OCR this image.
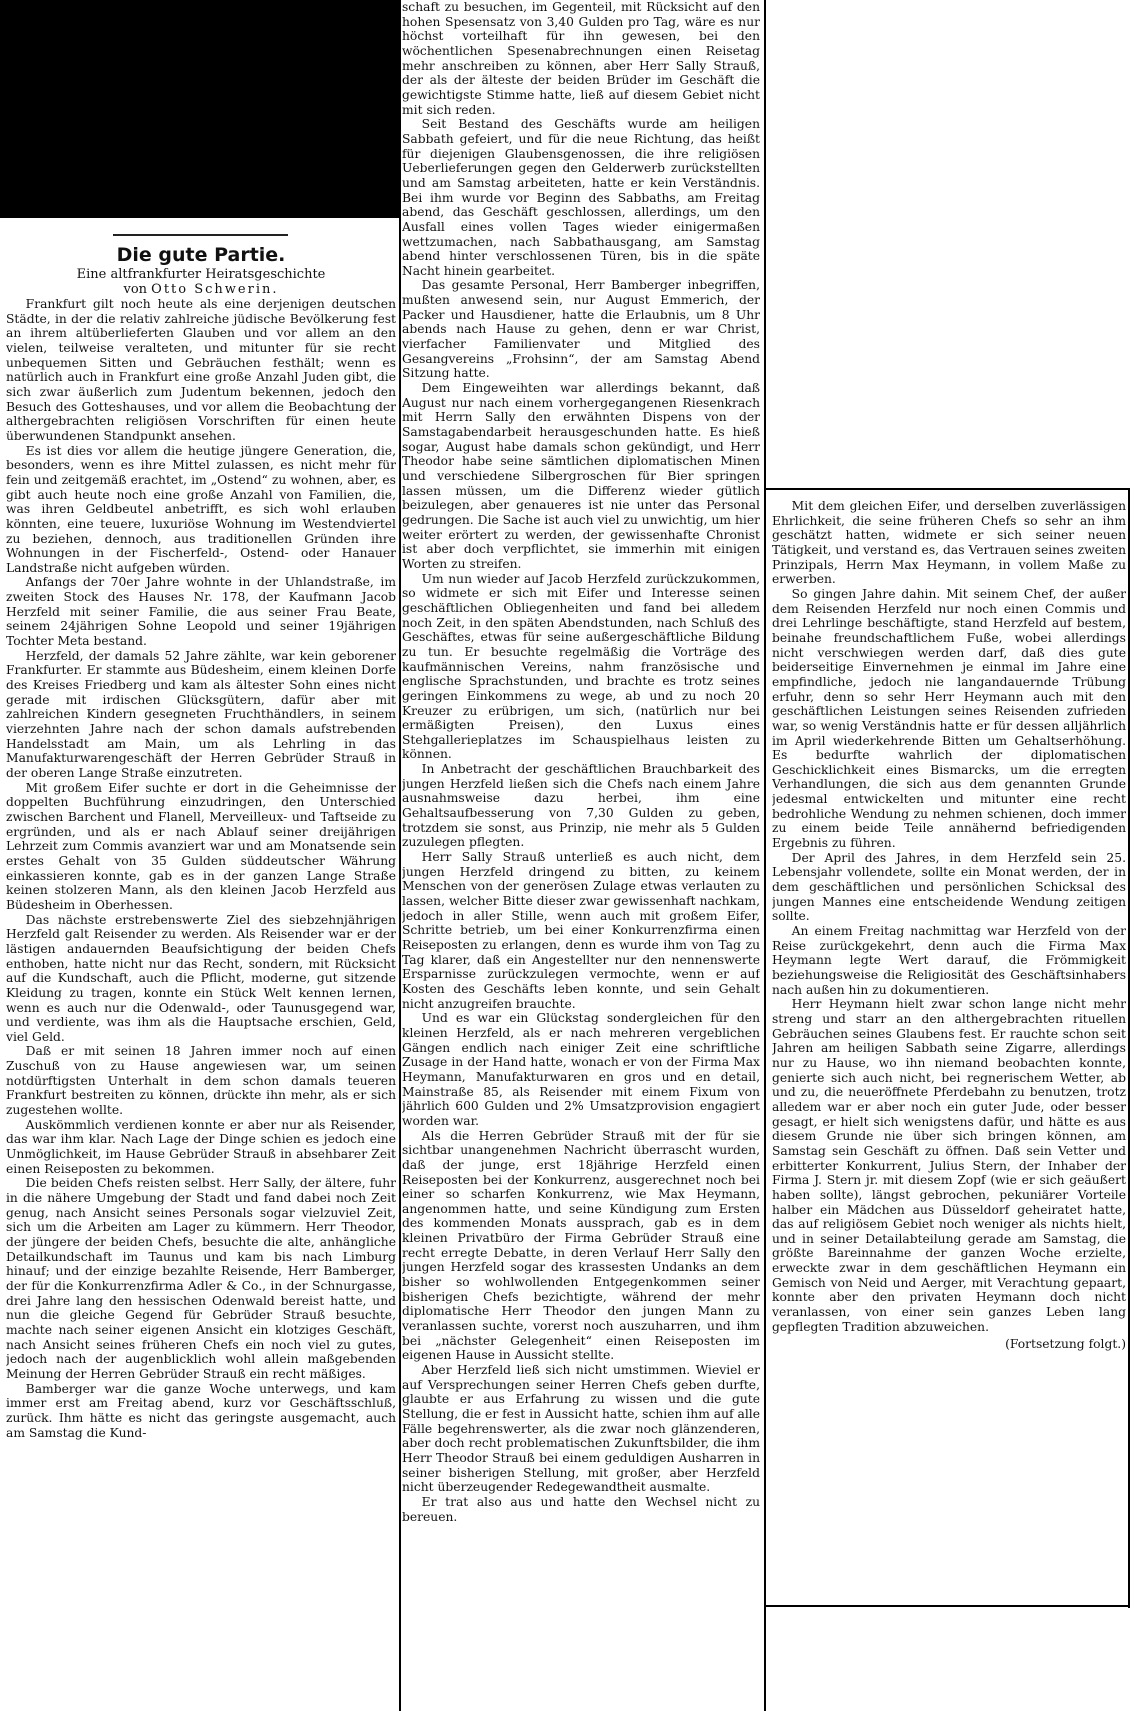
Die gute Partie.

Eine altfrankfurter Heiratsgeschichte

von Otto Schwerin.

Frankfurt gilt noch heute als eine derjenigen deutschen Städte, in der die relativ zahlreiche jüdische Bevölkerung fest an ihrem altüberlieferten Glauben und vor allem an den vielen, teilweise veralteten, und mitunter für sie recht unbequemen Sitten und Gebräuchen festhält; wenn es natürlich auch in Frankfurt eine große Anzahl Juden gibt, die sich zwar äußerlich zum Judentum bekennen, jedoch den Besuch des Gotteshauses, und vor allem die Beobachtung der althergebrachten religiösen Vorschriften für einen heute überwundenen Standpunkt ansehen.

Es ist dies vor allem die heutige jüngere Generation, die, besonders, wenn es ihre Mittel zulassen, es nicht mehr für fein und zeitgemäß erachtet, im „Ostend“ zu wohnen, aber, es gibt auch heute noch eine große Anzahl von Familien, die, was ihren Geldbeutel anbetrifft, es sich wohl erlauben könnten, eine teuere, luxuriöse Wohnung im Westendviertel zu beziehen, dennoch, aus traditionellen Gründen ihre Wohnungen in der Fischerfeld-, Ostend- oder Hanauer Landstraße nicht aufgeben würden.

Anfangs der 70er Jahre wohnte in der Uhlandstraße, im zweiten Stock des Hauses Nr. 178, der Kaufmann Jacob Herzfeld mit seiner Familie, die aus seiner Frau Beate, seinem 24jährigen Sohne Leopold und seiner 19jährigen Tochter Meta bestand.

Herzfeld, der damals 52 Jahre zählte, war kein geborener Frankfurter. Er stammte aus Büdesheim, einem kleinen Dorfe des Kreises Friedberg und kam als ältester Sohn eines nicht gerade mit irdischen Glücksgütern, dafür aber mit zahlreichen Kindern gesegneten Fruchthändlers, in seinem vierzehnten Jahre nach der schon damals aufstrebenden Handelsstadt am Main, um als Lehrling in das Manufakturwarengeschäft der Herren Gebrüder Strauß in der oberen Lange Straße einzutreten.

Mit großem Eifer suchte er dort in die Geheimnisse der doppelten Buchführung einzudringen, den Unterschied zwischen Barchent und Flanell, Merveilleux- und Taftseide zu ergründen, und als er nach Ablauf seiner dreijährigen Lehrzeit zum Commis avanziert war und am Monatsende sein erstes Gehalt von 35 Gulden süddeutscher Währung einkassieren konnte, gab es in der ganzen Lange Straße keinen stolzeren Mann, als den kleinen Jacob Herzfeld aus Büdesheim in Oberhessen.

Das nächste erstrebenswerte Ziel des siebzehnjährigen Herzfeld galt Reisender zu werden. Als Reisender war er der lästigen andauernden Beaufsichtigung der beiden Chefs enthoben, hatte nicht nur das Recht, sondern, mit Rücksicht auf die Kundschaft, auch die Pflicht, moderne, gut sitzende Kleidung zu tragen, konnte ein Stück Welt kennen lernen, wenn es auch nur die Odenwald-, oder Taunusgegend war, und verdiente, was ihm als die Hauptsache erschien, Geld, viel Geld.

Daß er mit seinen 18 Jahren immer noch auf einen Zuschuß von zu Hause angewiesen war, um seinen notdürftigsten Unterhalt in dem schon damals teueren Frankfurt bestreiten zu können, drückte ihn mehr, als er sich zugestehen wollte.

Auskömmlich verdienen konnte er aber nur als Reisender, das war ihm klar. Nach Lage der Dinge schien es jedoch eine Unmöglichkeit, im Hause Gebrüder Strauß in absehbarer Zeit einen Reiseposten zu bekommen.

Die beiden Chefs reisten selbst. Herr Sally, der ältere, fuhr in die nähere Umgebung der Stadt und fand dabei noch Zeit genug, nach Ansicht seines Personals sogar vielzuviel Zeit, sich um die Arbeiten am Lager zu kümmern. Herr Theodor, der jüngere der beiden Chefs, besuchte die alte, anhängliche Detailkundschaft im Taunus und kam bis nach Limburg hinauf; und der einzige bezahlte Reisende, Herr Bamberger, der für die Konkurrenzfirma Adler & Co., in der Schnurgasse, drei Jahre lang den hessischen Odenwald bereist hatte, und nun die gleiche Gegend für Gebrüder Strauß besuchte, machte nach seiner eigenen Ansicht ein klotziges Geschäft, nach Ansicht seines früheren Chefs ein noch viel zu gutes, jedoch nach der augenblicklich wohl allein maßgebenden Meinung der Herren Gebrüder Strauß ein recht mäßiges.

Bamberger war die ganze Woche unterwegs, und kam immer erst am Freitag abend, kurz vor Geschäftsschluß, zurück. Ihm hätte es nicht das geringste ausgemacht, auch am Samstag die Kund-

schaft zu besuchen, im Gegenteil, mit Rücksicht auf den hohen Spesensatz von 3,40 Gulden pro Tag, wäre es nur höchst vorteilhaft für ihn gewesen, bei den wöchentlichen Spesenabrechnungen einen Reisetag mehr anschreiben zu können, aber Herr Sally Strauß, der als der älteste der beiden Brüder im Geschäft die gewichtigste Stimme hatte, ließ auf diesem Gebiet nicht mit sich reden.

Seit Bestand des Geschäfts wurde am heiligen Sabbath gefeiert, und für die neue Richtung, das heißt für diejenigen Glaubensgenossen, die ihre religiösen Ueberlieferungen gegen den Gelderwerb zurückstellten und am Samstag arbeiteten, hatte er kein Verständnis. Bei ihm wurde vor Beginn des Sabbaths, am Freitag abend, das Geschäft geschlossen, allerdings, um den Ausfall eines vollen Tages wieder einigermaßen wettzumachen, nach Sabbathausgang, am Samstag abend hinter verschlossenen Türen, bis in die späte Nacht hinein gearbeitet.

Das gesamte Personal, Herr Bamberger inbegriffen, mußten anwesend sein, nur August Emmerich, der Packer und Hausdiener, hatte die Erlaubnis, um 8 Uhr abends nach Hause zu gehen, denn er war Christ, vierfacher Familienvater und Mitglied des Gesangvereins „Frohsinn“, der am Samstag Abend Sitzung hatte.

Dem Eingeweihten war allerdings bekannt, daß August nur nach einem vorhergegangenen Riesenkrach mit Herrn Sally den erwähnten Dispens von der Samstagabendarbeit herausgeschunden hatte. Es hieß sogar, August habe damals schon gekündigt, und Herr Theodor habe seine sämtlichen diplomatischen Minen und verschiedene Silbergroschen für Bier springen lassen müssen, um die Differenz wieder gütlich beizulegen, aber genaueres ist nie unter das Personal gedrungen. Die Sache ist auch viel zu unwichtig, um hier weiter erörtert zu werden, der gewissenhafte Chronist ist aber doch verpflichtet, sie immerhin mit einigen Worten zu streifen.

Um nun wieder auf Jacob Herzfeld zurückzukommen, so widmete er sich mit Eifer und Interesse seinen geschäftlichen Obliegenheiten und fand bei alledem noch Zeit, in den späten Abendstunden, nach Schluß des Geschäftes, etwas für seine außergeschäftliche Bildung zu tun. Er besuchte regelmäßig die Vorträge des kaufmännischen Vereins, nahm französische und englische Sprachstunden, und brachte es trotz seines geringen Einkommens zu wege, ab und zu noch 20 Kreuzer zu erübrigen, um sich, (natürlich nur bei ermäßigten Preisen), den Luxus eines Stehgallerieplatzes im Schauspielhaus leisten zu können.

In Anbetracht der geschäftlichen Brauchbarkeit des jungen Herzfeld ließen sich die Chefs nach einem Jahre ausnahmsweise dazu herbei, ihm eine Gehaltsaufbesserung von 7,30 Gulden zu geben, trotzdem sie sonst, aus Prinzip, nie mehr als 5 Gulden zuzulegen pflegten.

Herr Sally Strauß unterließ es auch nicht, dem jungen Herzfeld dringend zu bitten, zu keinem Menschen von der generösen Zulage etwas verlauten zu lassen, welcher Bitte dieser zwar gewissenhaft nachkam, jedoch in aller Stille, wenn auch mit großem Eifer, Schritte betrieb, um bei einer Konkurrenzfirma einen Reiseposten zu erlangen, denn es wurde ihm von Tag zu Tag klarer, daß ein Angestellter nur den nennenswerte Ersparnisse zurückzulegen vermochte, wenn er auf Kosten des Geschäfts leben konnte, und sein Gehalt nicht anzugreifen brauchte.

Und es war ein Glückstag sondergleichen für den kleinen Herzfeld, als er nach mehreren vergeblichen Gängen endlich nach einiger Zeit eine schriftliche Zusage in der Hand hatte, wonach er von der Firma Max Heymann, Manufakturwaren en gros und en detail, Mainstraße 85, als Reisender mit einem Fixum von jährlich 600 Gulden und 2% Umsatzprovision engagiert worden war.

Als die Herren Gebrüder Strauß mit der für sie sichtbar unangenehmen Nachricht überrascht wurden, daß der junge, erst 18jährige Herzfeld einen Reiseposten bei der Konkurrenz, ausgerechnet noch bei einer so scharfen Konkurrenz, wie Max Heymann, angenommen hatte, und seine Kündigung zum Ersten des kommenden Monats aussprach, gab es in dem kleinen Privatbüro der Firma Gebrüder Strauß eine recht erregte Debatte, in deren Verlauf Herr Sally den jungen Herzfeld sogar des krassesten Undanks an dem bisher so wohlwollenden Entgegenkommen seiner bisherigen Chefs bezichtigte, während der mehr diplomatische Herr Theodor den jungen Mann zu veranlassen suchte, vorerst noch auszuharren, und ihm bei „nächster Gelegenheit“ einen Reiseposten im eigenen Hause in Aussicht stellte.

Aber Herzfeld ließ sich nicht umstimmen. Wieviel er auf Versprechungen seiner Herren Chefs geben durfte, glaubte er aus Erfahrung zu wissen und die gute Stellung, die er fest in Aussicht hatte, schien ihm auf alle Fälle begehrenswerter, als die zwar noch glänzenderen, aber doch recht problematischen Zukunftsbilder, die ihm Herr Theodor Strauß bei einem geduldigen Ausharren in seiner bisherigen Stellung, mit großer, aber Herzfeld nicht überzeugender Redegewandtheit ausmalte.

Er trat also aus und hatte den Wechsel nicht zu bereuen.

Mit dem gleichen Eifer, und derselben zuverlässigen Ehrlichkeit, die seine früheren Chefs so sehr an ihm geschätzt hatten, widmete er sich seiner neuen Tätigkeit, und verstand es, das Vertrauen seines zweiten Prinzipals, Herrn Max Heymann, in vollem Maße zu erwerben.

So gingen Jahre dahin. Mit seinem Chef, der außer dem Reisenden Herzfeld nur noch einen Commis und drei Lehrlinge beschäftigte, stand Herzfeld auf bestem, beinahe freundschaftlichem Fuße, wobei allerdings nicht verschwiegen werden darf, daß dies gute beiderseitige Einvernehmen je einmal im Jahre eine empfindliche, jedoch nie langandauernde Trübung erfuhr, denn so sehr Herr Heymann auch mit den geschäftlichen Leistungen seines Reisenden zufrieden war, so wenig Verständnis hatte er für dessen alljährlich im April wiederkehrende Bitten um Gehaltserhöhung. Es bedurfte wahrlich der diplomatischen Geschicklichkeit eines Bismarcks, um die erregten Verhandlungen, die sich aus dem genannten Grunde jedesmal entwickelten und mitunter eine recht bedrohliche Wendung zu nehmen schienen, doch immer zu einem beide Teile annähernd befriedigenden Ergebnis zu führen.

Der April des Jahres, in dem Herzfeld sein 25. Lebensjahr vollendete, sollte ein Monat werden, der in dem geschäftlichen und persönlichen Schicksal des jungen Mannes eine entscheidende Wendung zeitigen sollte.

An einem Freitag nachmittag war Herzfeld von der Reise zurückgekehrt, denn auch die Firma Max Heymann legte Wert darauf, die Frömmigkeit beziehungsweise die Religiosität des Geschäftsinhabers nach außen hin zu dokumentieren.

Herr Heymann hielt zwar schon lange nicht mehr streng und starr an den althergebrachten rituellen Gebräuchen seines Glaubens fest. Er rauchte schon seit Jahren am heiligen Sabbath seine Zigarre, allerdings nur zu Hause, wo ihn niemand beobachten konnte, genierte sich auch nicht, bei regnerischem Wetter, ab und zu, die neueröffnete Pferdebahn zu benutzen, trotz alledem war er aber noch ein guter Jude, oder besser gesagt, er hielt sich wenigstens dafür, und hätte es aus diesem Grunde nie über sich bringen können, am Samstag sein Geschäft zu öffnen. Daß sein Vetter und erbitterter Konkurrent, Julius Stern, der Inhaber der Firma J. Stern jr. mit diesem Zopf (wie er sich geäußert haben sollte), längst gebrochen, pekuniärer Vorteile halber ein Mädchen aus Düsseldorf geheiratet hatte, das auf religiösem Gebiet noch weniger als nichts hielt, und in seiner Detailabteilung gerade am Samstag, die größte Bareinnahme der ganzen Woche erzielte, erweckte zwar in dem geschäftlichen Heymann ein Gemisch von Neid und Aerger, mit Verachtung gepaart, konnte aber den privaten Heymann doch nicht veranlassen, von einer sein ganzes Leben lang gepflegten Tradition abzuweichen.

(Fortsetzung folgt.)
